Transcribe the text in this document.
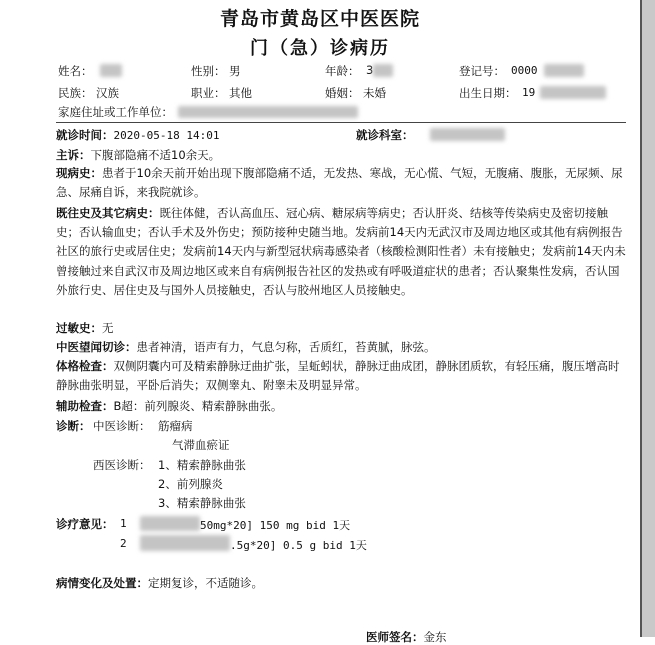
青岛市黄岛区中医医院
门（急）诊病历
姓名：	性别： 男	年龄： 3	登记号： 0000
民族： 汉族	职业： 其他	婚姻： 未婚	出生日期： 19
家庭住址或工作单位：
就诊时间：2020-05-18 14:01	就诊科室：
主诉：下腹部隐痛不适10余天。
现病史：患者于10余天前开始出现下腹部隐痛不适，无发热、寒战，无心慌、气短，无腹痛、腹胀，无尿频、尿急、尿痛自诉，来我院就诊。
既往史及其它病史：既往体健，否认高血压、冠心病、糖尿病等病史；否认肝炎、结核等传染病史及密切接触史；否认输血史；否认手术及外伤史；预防接种史随当地。发病前14天内无武汉市及周边地区或其他有病例报告社区的旅行史或居住史；发病前14天内与新型冠状病毒感染者（核酸检测阳性者）未有接触史；发病前14天内未曾接触过来自武汉市及周边地区或来自有病例报告社区的发热或有呼吸道症状的患者；否认聚集性发病，否认国外旅行史、居住史及与国外人员接触史，否认与胶州地区人员接触史。
过敏史：无
中医望闻切诊：患者神清，语声有力，气息匀称，舌质红，苔黄腻，脉弦。
体格检查：双侧阴囊内可及精索静脉迂曲扩张，呈蚯蚓状，静脉迂曲成团，静脉团质软，有轻压痛，腹压增高时静脉曲张明显，平卧后消失；双侧睾丸、附睾未及明显异常。
辅助检查：B超：前列腺炎、精索静脉曲张。
诊断： 中医诊断： 筋瘤病
气滞血瘀证
西医诊断： 1、精索静脉曲张
2、前列腺炎
3、精索静脉曲张
诊疗意见： 1	50mg*20] 150 mg bid 1天
2	.5g*20] 0.5 g bid 1天
病情变化及处置：定期复诊，不适随诊。
医师签名：金东
